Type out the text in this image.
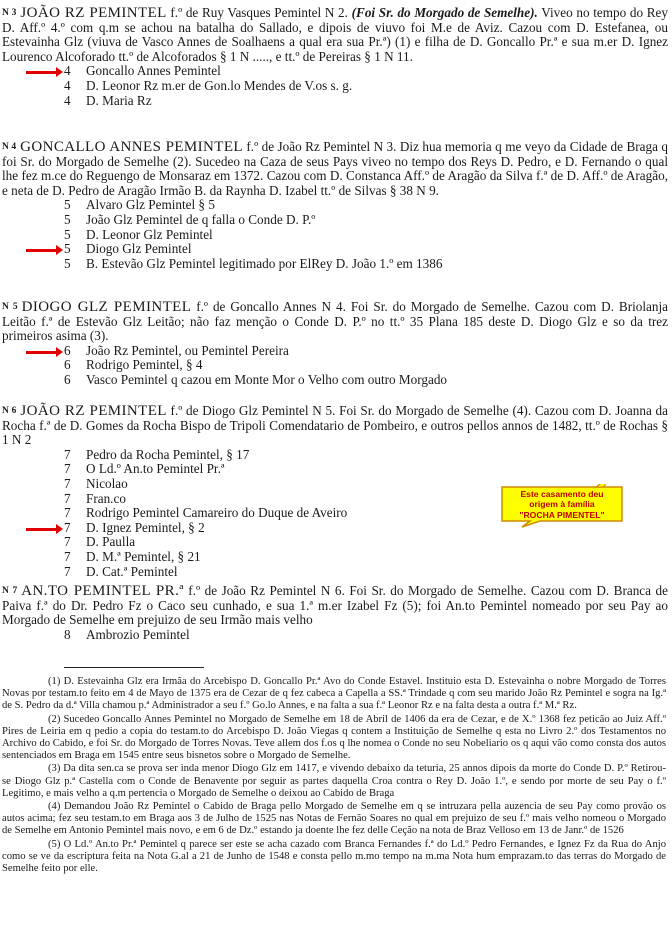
$^{N 3}$ JOÃO RZ PEMINTEL f.º de Ruy Vasques Pemintel N 2. (Foi Sr. do Morgado de Semelhe). Viveo no tempo do Rey D. Aff.º 4.º com q.m se achou na batalha do Sallado, e dipois de viuvo foi M.e de Aviz. Cazou com D. Estefanea, ou Estevainha Glz (viuva de Vasco Annes de Soalhaens a qual era sua Pr.ª) (1) e filha de D. Goncallo Pr.ª e sua m.er D. Ignez Lourenco Alcoforado tt.º de Alcoforados § 1 N ....., e tt.º de Pereiras § 1 N 11.
4 Goncallo Annes Pemintel
4 D. Leonor Rz m.er de Gon.lo Mendes de V.os s. g.
4 D. Maria Rz
$^{N 4}$ GONCALLO ANNES PEMINTEL f.º de João Rz Pemintel N 3. Diz hua memoria q me veyo da Cidade de Braga q foi Sr. do Morgado de Semelhe (2). Sucedeo na Caza de seus Pays viveo no tempo dos Reys D. Pedro, e D. Fernando o qual lhe fez m.ce do Reguengo de Monsaraz em 1372. Cazou com D. Constanca Aff.º de Aragão da Silva f.ª de D. Aff.º de Aragão, e neta de D. Pedro de Aragão Irmão B. da Raynha D. Izabel tt.º de Silvas § 38 N 9.
5 Alvaro Glz Pemintel § 5
5 João Glz Pemintel de q falla o Conde D. P.º
5 D. Leonor Glz Pemintel
5 Diogo Glz Pemintel
5 B. Estevão Glz Pemintel legitimado por ElRey D. João 1.º em 1386
$^{N 5}$ DIOGO GLZ PEMINTEL f.º de Goncallo Annes N 4. Foi Sr. do Morgado de Semelhe. Cazou com D. Briolanja Leitão f.ª de Estevão Glz Leitão; não faz menção o Conde D. P.º no tt.º 35 Plana 185 deste D. Diogo Glz e so da trez primeiros asima (3).
6 João Rz Pemintel, ou Pemintel Pereira
6 Rodrigo Pemintel, § 4
6 Vasco Pemintel q cazou em Monte Mor o Velho com outro Morgado
$^{N 6}$ JOÃO RZ PEMINTEL f.º de Diogo Glz Pemintel N 5. Foi Sr. do Morgado de Semelhe (4). Cazou com D. Joanna da Rocha f.ª de D. Gomes da Rocha Bispo de Tripoli Comendatario de Pombeiro, e outros pellos annos de 1482, tt.º de Rochas § 1 N 2
7 Pedro da Rocha Pemintel, § 17
7 O Ld.º An.to Pemintel Pr.ª
7 Nicolao
7 Fran.co
7 Rodrigo Pemintel Camareiro do Duque de Aveiro
7 D. Ignez Pemintel, § 2
7 D. Paulla
7 D. M.ª Pemintel, § 21
7 D. Cat.ª Pemintel
Este casamento deu
origem à família
"ROCHA PIMENTEL"
$^{N 7}$ AN.TO PEMINTEL PR.ª f.º de João Rz Pemintel N 6. Foi Sr. do Morgado de Semelhe. Cazou com D. Branca de Paiva f.ª do Dr. Pedro Fz o Caco seu cunhado, e sua 1.ª m.er Izabel Fz (5); foi An.to Pemintel nomeado por seu Pay ao Morgado de Semelhe em prejuizo de seu Irmão mais velho
8 Ambrozio Pemintel

(1) D. Estevainha Glz era Irmãa do Arcebispo D. Goncallo Pr.ª Avo do Conde Estavel. Instituio esta D. Estevainha o nobre Morgado de Torres Novas por testam.to feito em 4 de Mayo de 1375 era de Cezar de q fez cabeca a Capella a SS.ª Trindade q com seu marido João Rz Pemintel e sogra na Ig.ª de S. Pedro da d.ª Villa chamou p.ª Administrador a seu f.º Go.lo Annes, e na falta a sua f.ª Leonor Rz e na falta desta a outra f.ª M.ª Rz.

(2) Sucedeo Goncallo Annes Pemintel no Morgado de Semelhe em 18 de Abril de 1406 da era de Cezar, e de X.º 1368 fez peticão ao Juiz Aff.º Pires de Leiria em q pedio a copia do testam.to do Arcebispo D. João Viegas q contem a Instituição de Semelhe q esta no Livro 2.º dos Testamentos no Archivo do Cabido, e foi Sr. do Morgado de Torres Novas. Teve allem dos f.os q lhe nomea o Conde no seu Nobeliario os q aqui vão como consta dos autos sentenciados em Braga em 1545 entre seus bisnetos sobre o Morgado de Semelhe.

(3) Da dita sen.ca se prova ser inda menor Diogo Glz em 1417, e vivendo debaixo da teturia, 25 annos dipois da morte do Conde D. P.º Retirou-se Diogo Glz p.ª Castella com o Conde de Benavente por seguir as partes daquella Croa contra o Rey D. João 1.º, e sendo por morte de seu Pay o f.º Legitimo, e mais velho a q.m pertencia o Morgado de Semelhe o deixou ao Cabido de Braga

(4) Demandou João Rz Pemintel o Cabido de Braga pello Morgado de Semelhe em q se intruzara pella auzencia de seu Pay como provão os autos acima; fez seu testam.to em Braga aos 3 de Julho de 1525 nas Notas de Fernão Soares no qual em prejuizo de seu f.º mais velho nomeou o Morgado de Semelhe em Antonio Pemintel mais novo, e em 6 de Dz.º estando ja doente lhe fez delle Ceção na nota de Braz Velloso em 13 de Janr.º de 1526

(5) O Ld.º An.to Pr.ª Pemintel q parece ser este se acha cazado com Branca Fernandes f.ª do Ld.º Pedro Fernandes, e Ignez Fz da Rua do Anjo como se ve da escriptura feita na Nota G.al a 21 de Junho de 1548 e consta pello m.mo tempo na m.ma Nota hum emprazam.to das terras do Morgado de Semelhe feito por elle.
